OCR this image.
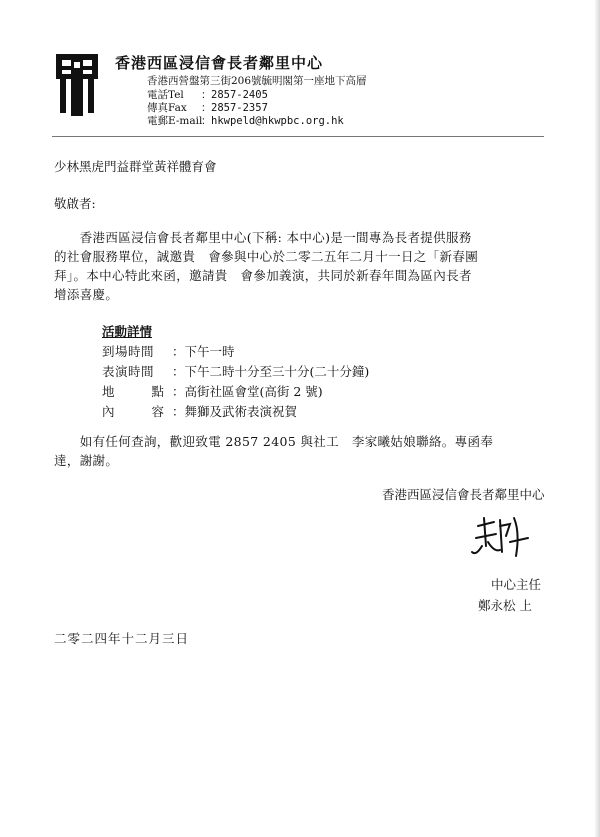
香港西區浸信會長者鄰里中心
香港西營盤第三街206號毓明閣第一座地下高層
電話Tel ：2857-2405
傳真Fax ：2857-2357
電郵E-mail：hkwpeld@hkwpbc.org.hk
少林黑虎門益群堂黃祥體育會
敬啟者:
　　香港西區浸信會長者鄰里中心(下稱: 本中心)是一間專為長者提供服務
的社會服務單位，誠邀貴　會參與中心於二零二五年二月十一日之「新春團
拜」。本中心特此來函，邀請貴　會參加義演，共同於新春年間為區內長者
增添喜慶。
活動詳情
到場時間 ：下午一時
表演時間 ：下午二時十分至三十分(二十分鐘)
地	點 ：高街社區會堂(高街 2 號)
內	容 ：舞獅及武術表演祝賀
　　如有任何查詢，歡迎致電 2857 2405 與社工　李家曦姑娘聯絡。專函奉
達，謝謝。
香港西區浸信會長者鄰里中心
中心主任
鄭永松 上
二零二四年十二月三日
